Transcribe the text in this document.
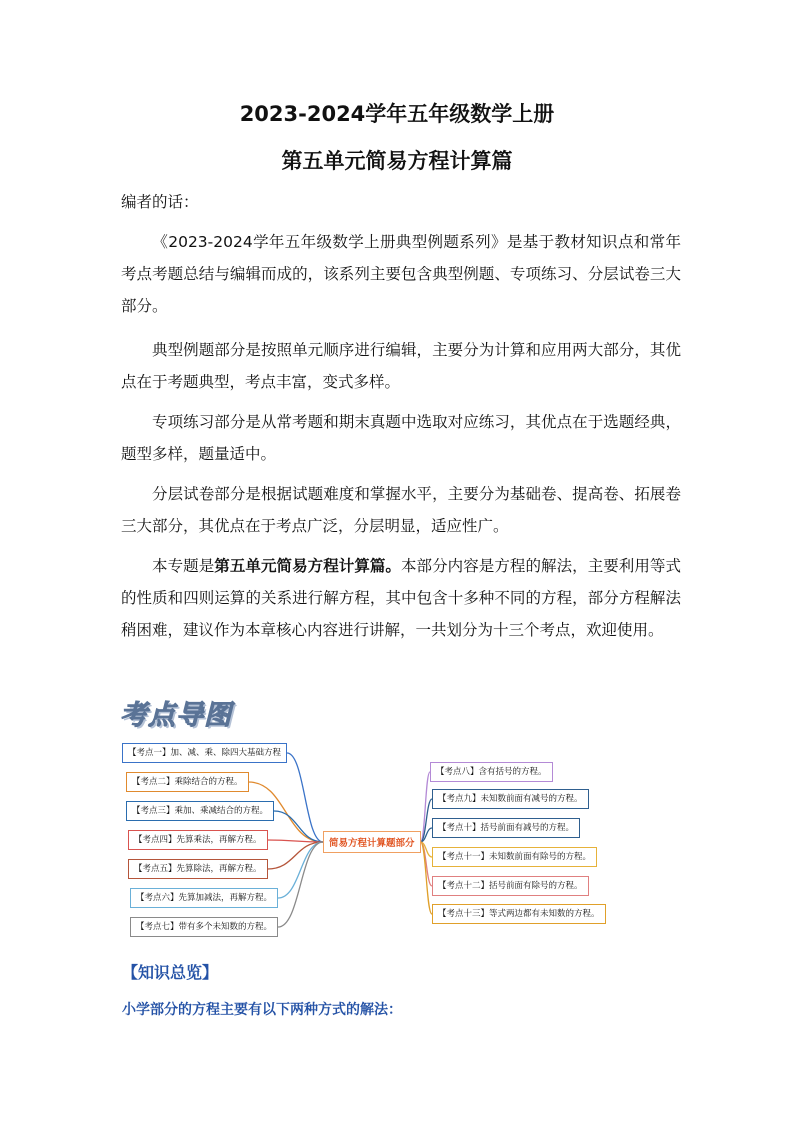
2023-2024学年五年级数学上册
第五单元简易方程计算篇
编者的话：
《2023-2024学年五年级数学上册典型例题系列》是基于教材知识点和常年考点考题总结与编辑而成的，该系列主要包含典型例题、专项练习、分层试卷三大部分。
典型例题部分是按照单元顺序进行编辑，主要分为计算和应用两大部分，其优点在于考题典型，考点丰富，变式多样。
专项练习部分是从常考题和期末真题中选取对应练习，其优点在于选题经典，题型多样，题量适中。
分层试卷部分是根据试题难度和掌握水平，主要分为基础卷、提高卷、拓展卷三大部分，其优点在于考点广泛，分层明显，适应性广。
本专题是第五单元简易方程计算篇。本部分内容是方程的解法，主要利用等式的性质和四则运算的关系进行解方程，其中包含十多种不同的方程，部分方程解法稍困难，建议作为本章核心内容进行讲解，一共划分为十三个考点，欢迎使用。
考点导图
【考点一】加、减、乘、除四大基础方程
【考点二】乘除结合的方程。
【考点三】乘加、乘减结合的方程。
【考点四】先算乘法，再解方程。
【考点五】先算除法，再解方程。
【考点六】先算加减法，再解方程。
【考点七】带有多个未知数的方程。
简易方程计算题部分
【考点八】含有括号的方程。
【考点九】未知数前面有减号的方程。
【考点十】括号前面有减号的方程。
【考点十一】未知数前面有除号的方程。
【考点十二】括号前面有除号的方程。
【考点十三】等式两边都有未知数的方程。
【知识总览】
小学部分的方程主要有以下两种方式的解法：
